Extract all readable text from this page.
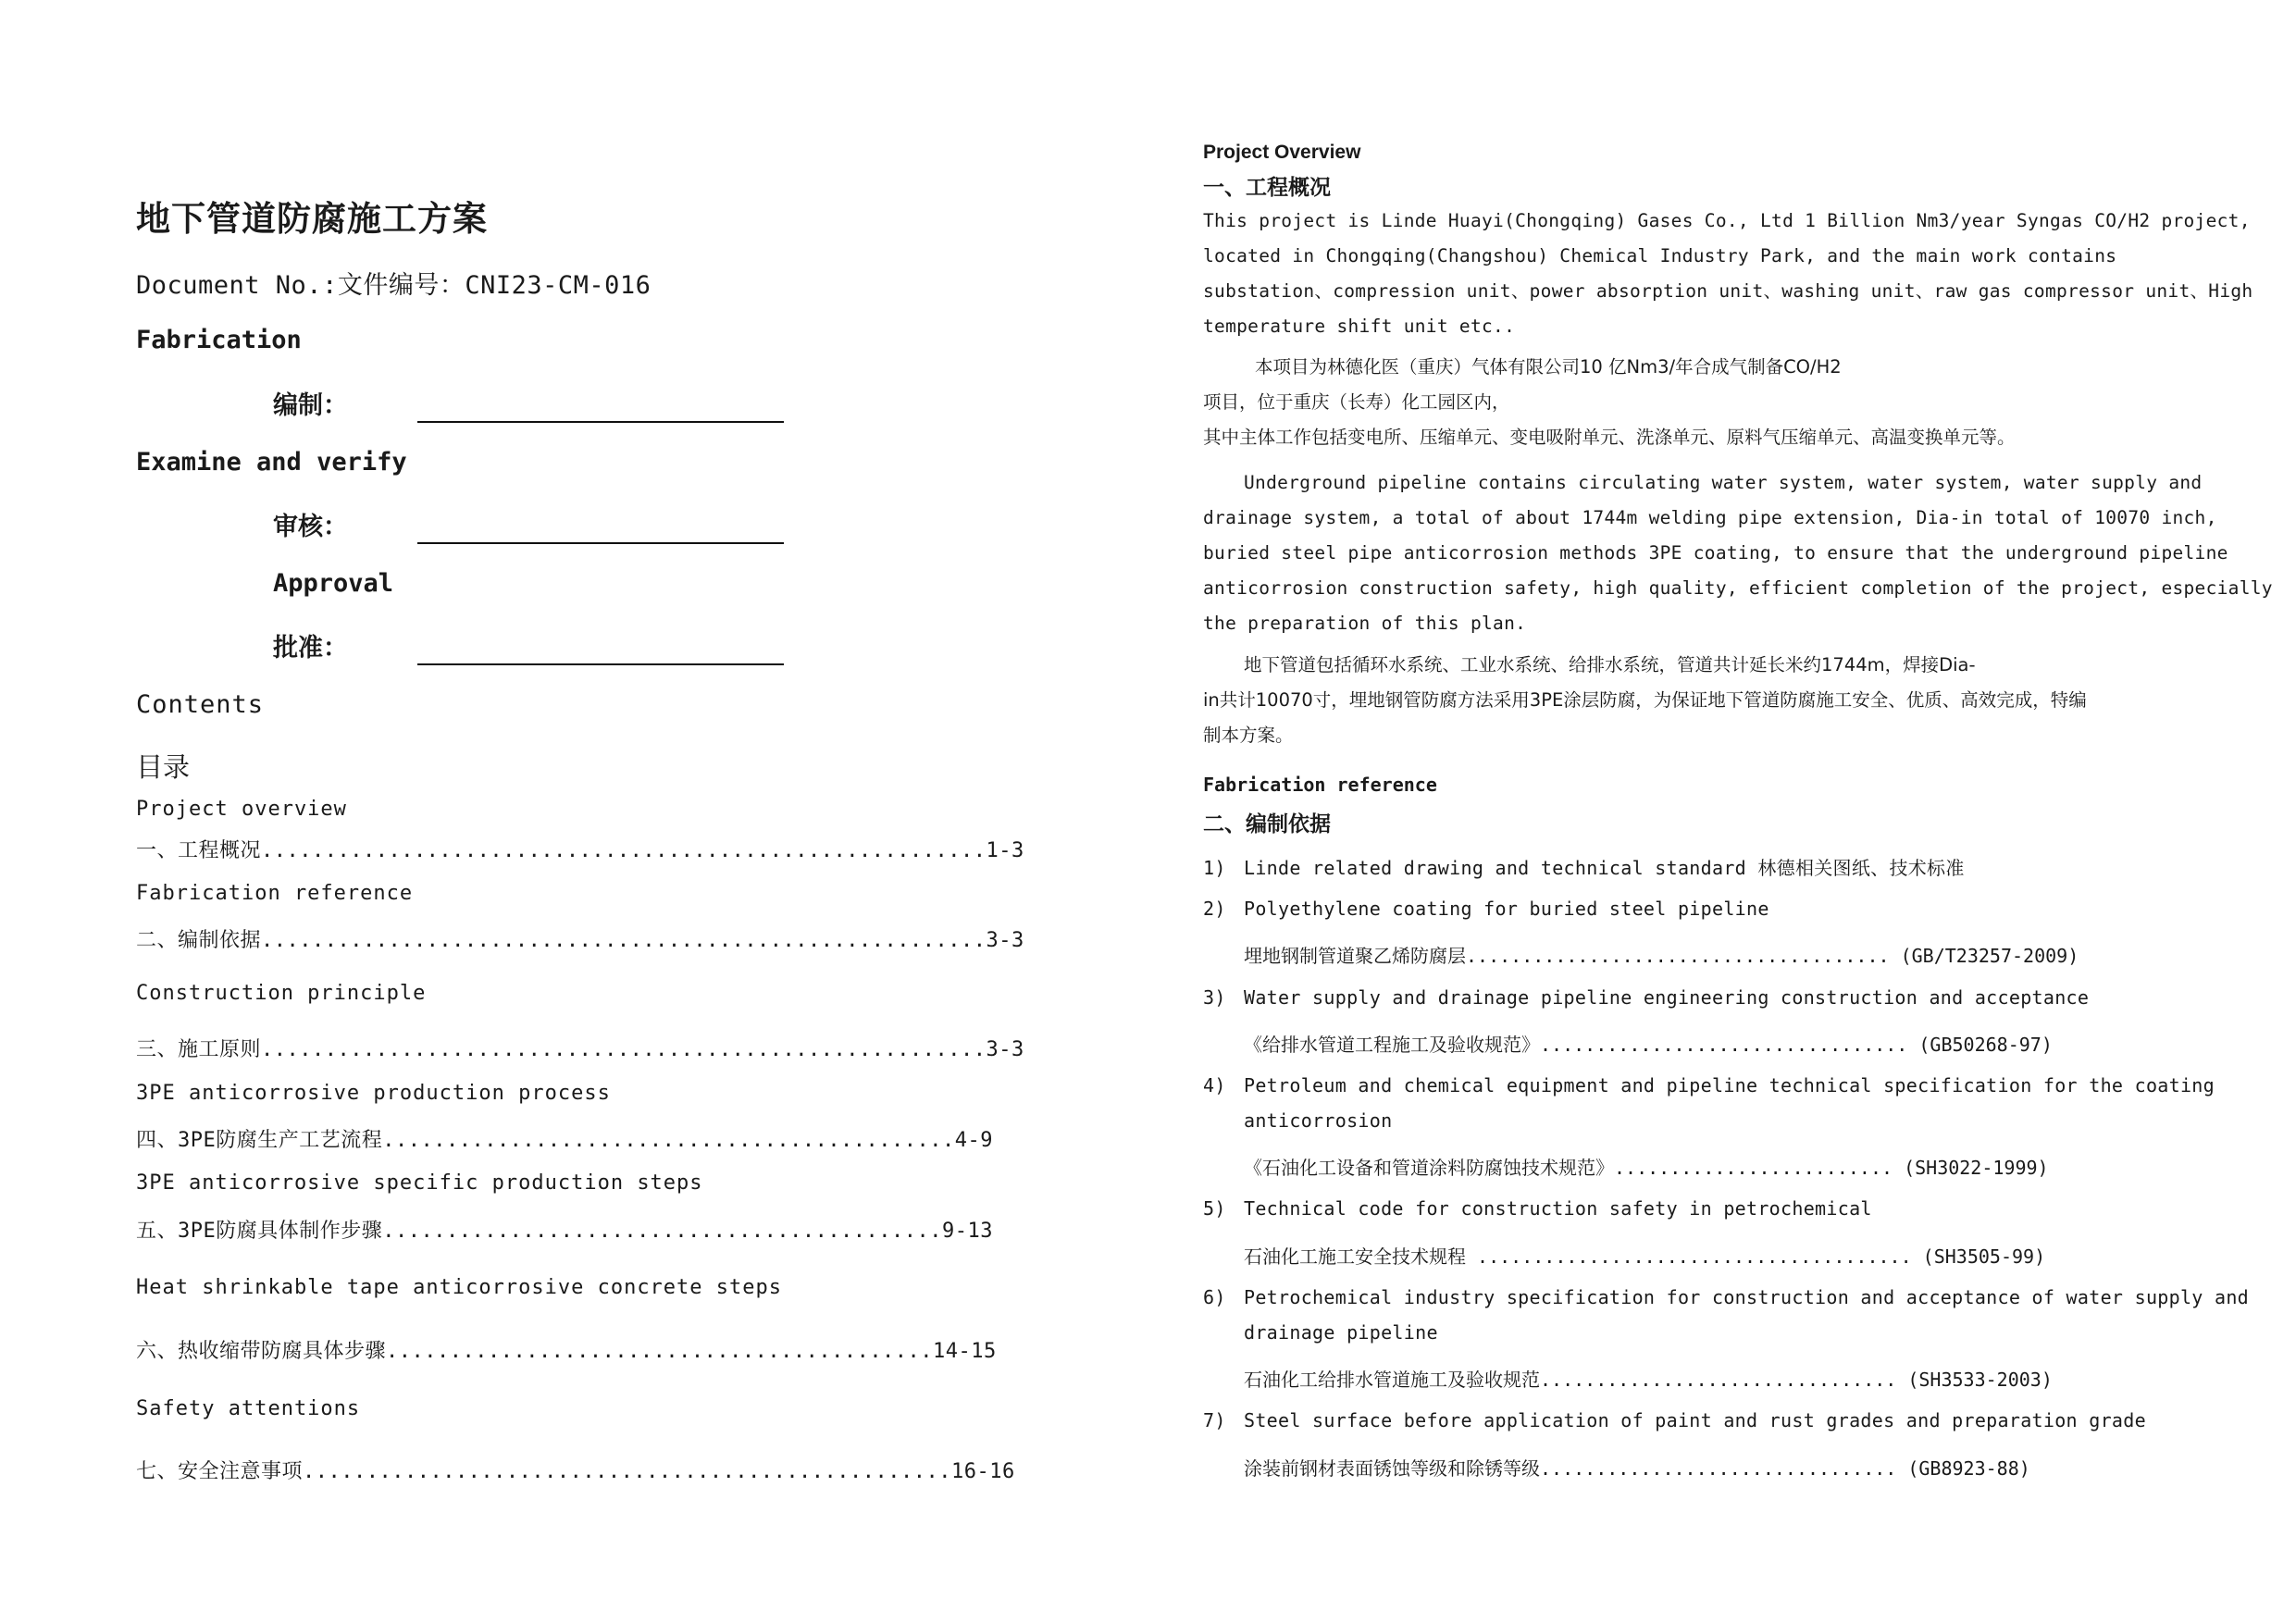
地下管道防腐施工方案
Document No.:文件编号：CNI23-CM-016
Fabrication
编制：
Examine and verify
审核：
Approval
批准：
Contents
目录
Project overview
一、工程概况.........................................................1-3
Fabrication reference
二、编制依据.........................................................3-3
Construction principle
三、施工原则.........................................................3-3
3PE anticorrosive production process
四、3PE防腐生产工艺流程.............................................4-9
3PE anticorrosive specific production steps
五、3PE防腐具体制作步骤............................................9-13
Heat shrinkable tape anticorrosive concrete steps
六、热收缩带防腐具体步骤...........................................14-15
Safety attentions
七、安全注意事项...................................................16-16
Project Overview
一、工程概况
This project is Linde Huayi(Chongqing) Gases Co., Ltd 1 Billion Nm3/year Syngas CO/H2 project,
located in Chongqing(Changshou) Chemical Industry Park, and the main work contains
substation、compression unit、power absorption unit、washing unit、raw gas compressor unit、High
temperature shift unit etc..
本项目为林德化医（重庆）气体有限公司10 亿Nm3/年合成气制备CO/H2
项目，位于重庆（长寿）化工园区内，
其中主体工作包括变电所、压缩单元、变电吸附单元、洗涤单元、原料气压缩单元、高温变换单元等。
Underground pipeline contains circulating water system, water system, water supply and
drainage system, a total of about 1744m welding pipe extension, Dia-in total of 10070 inch,
buried steel pipe anticorrosion methods 3PE coating, to ensure that the underground pipeline
anticorrosion construction safety, high quality, efficient completion of the project, especially
the preparation of this plan.
地下管道包括循环水系统、工业水系统、给排水系统，管道共计延长米约1744m，焊接Dia-
in共计10070寸，埋地钢管防腐方法采用3PE涂层防腐，为保证地下管道防腐施工安全、优质、高效完成，特编
制本方案。
Fabrication reference
二、编制依据
1) Linde related drawing and technical standard 林德相关图纸、技术标准
2) Polyethylene coating for buried steel pipeline
埋地钢制管道聚乙烯防腐层...................................... (GB/T23257-2009)
3) Water supply and drainage pipeline engineering construction and acceptance
《给排水管道工程施工及验收规范》................................. (GB50268-97)
4) Petroleum and chemical equipment and pipeline technical specification for the coating
anticorrosion
《石油化工设备和管道涂料防腐蚀技术规范》......................... (SH3022-1999)
5) Technical code for construction safety in petrochemical
石油化工施工安全技术规程 ....................................... (SH3505-99)
6) Petrochemical industry specification for construction and acceptance of water supply and
drainage pipeline
石油化工给排水管道施工及验收规范................................ (SH3533-2003)
7) Steel surface before application of paint and rust grades and preparation grade
涂装前钢材表面锈蚀等级和除锈等级................................ (GB8923-88)
